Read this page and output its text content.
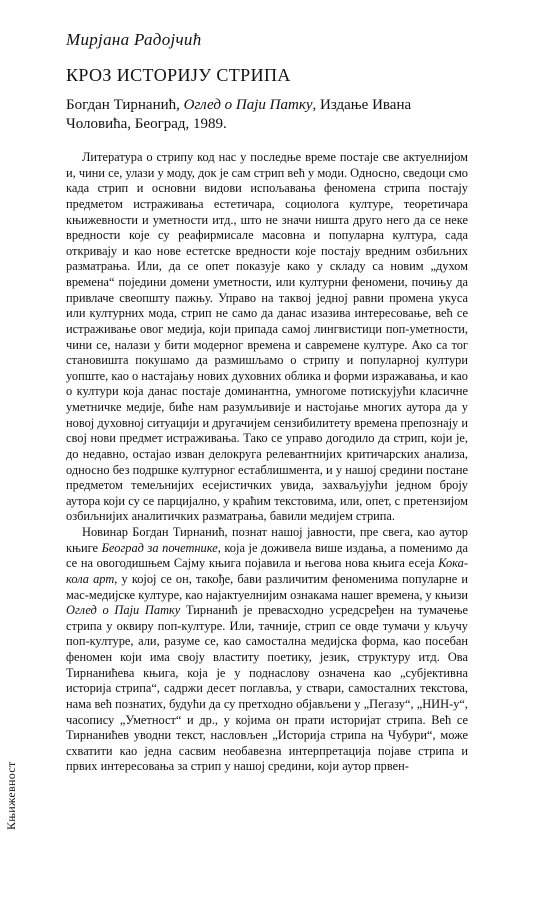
Мирјана Радојчић
КРОЗ ИСТОРИЈУ СТРИПА
Богдан Тирнанић, Оглед о Паји Патку, Издање Ивана Чоловића, Београд, 1989.

Литература о стрипу код нас у последње време постаје све актуелнијом и, чини се, улази у моду, док је сам стрип већ у моди. Односно, сведоци смо када стрип и основни видови испољавања феномена стрипа постају предметом истраживања естетичара, социолога културе, теоретичара књижевности и уметности итд., што не значи ништа друго него да се неке вредности које су реафирмисале масовна и популарна култура, сада откривају и као нове естетске вредности које постају вредним озбиљних разматрања. Или, да се опет показује како у складу са новим „духом времена“ поједини домени уметности, или културни феномени, почињу да привлаче свеопшту пажњу. Управо на таквој једној равни промена укуса или културних мода, стрип не само да данас изазива интересовање, већ се истраживање овог медија, који припада самој лингвистици поп-уметности, чини се, налази у бити модерног времена и савремене културе. Ако са тог становишта покушамо да размишљамо о стрипу и популарној култури уопште, као о настајању нових духовних облика и форми изражавања, и као о култури која данас постаје доминантна, умногоме потискујући класичне уметничке медије, биће нам разумљивије и настојање многих аутора да у новој духовној ситуацији и другачијем сензибилитету времена препознају и свој нови предмет истраживања. Тако се управо догодило да стрип, који је, до недавно, остајао изван делокруга релевантнијих критичарских анализа, односно без подршке културног естаблишмента, и у нашој средини постане предметом темељнијих есејистичких увида, захваљујући једном броју аутора који су се парцијално, у краћим текстовима, или, опет, с претензијом озбиљнијих аналитичких разматрања, бавили медијем стрипа.

Новинар Богдан Тирнанић, познат нашој јавности, пре свега, као аутор књиге Београд за почетнике, која је доживела више издања, а поменимо да се на овогодишњем Сајму књига појавила и његова нова књига есеја Кока-кола арт, у којој се он, такође, бави различитим феноменима популарне и мас-медијске културе, као најактуелнијим ознакама нашег времена, у књизи Оглед о Паји Патку Тирнанић је превасходно усредсређен на тумачење стрипа у оквиру поп-културе. Или, тачније, стрип се овде тумачи у кључу поп-културе, али, разуме се, као самостална медијска форма, као посебан феномен који има своју властиту поетику, језик, структуру итд. Ова Тирнанићева књига, која је у поднаслову означена као „субјективна историја стрипа“, садржи десет поглавља, у ствари, самосталних текстова, нама већ познатих, будући да су претходно објављени у „Пегазу“, „НИН-у“, часопису „Уметност“ и др., у којима он прати историјат стрипа. Већ се Тирнанићев уводни текст, насловљен „Историја стрипа на Чубури“, може схватити као једна сасвим необавезна интерпретација појаве стрипа и првих интересовања за стрип у нашој средини, који аутор првен-

Књижевност
